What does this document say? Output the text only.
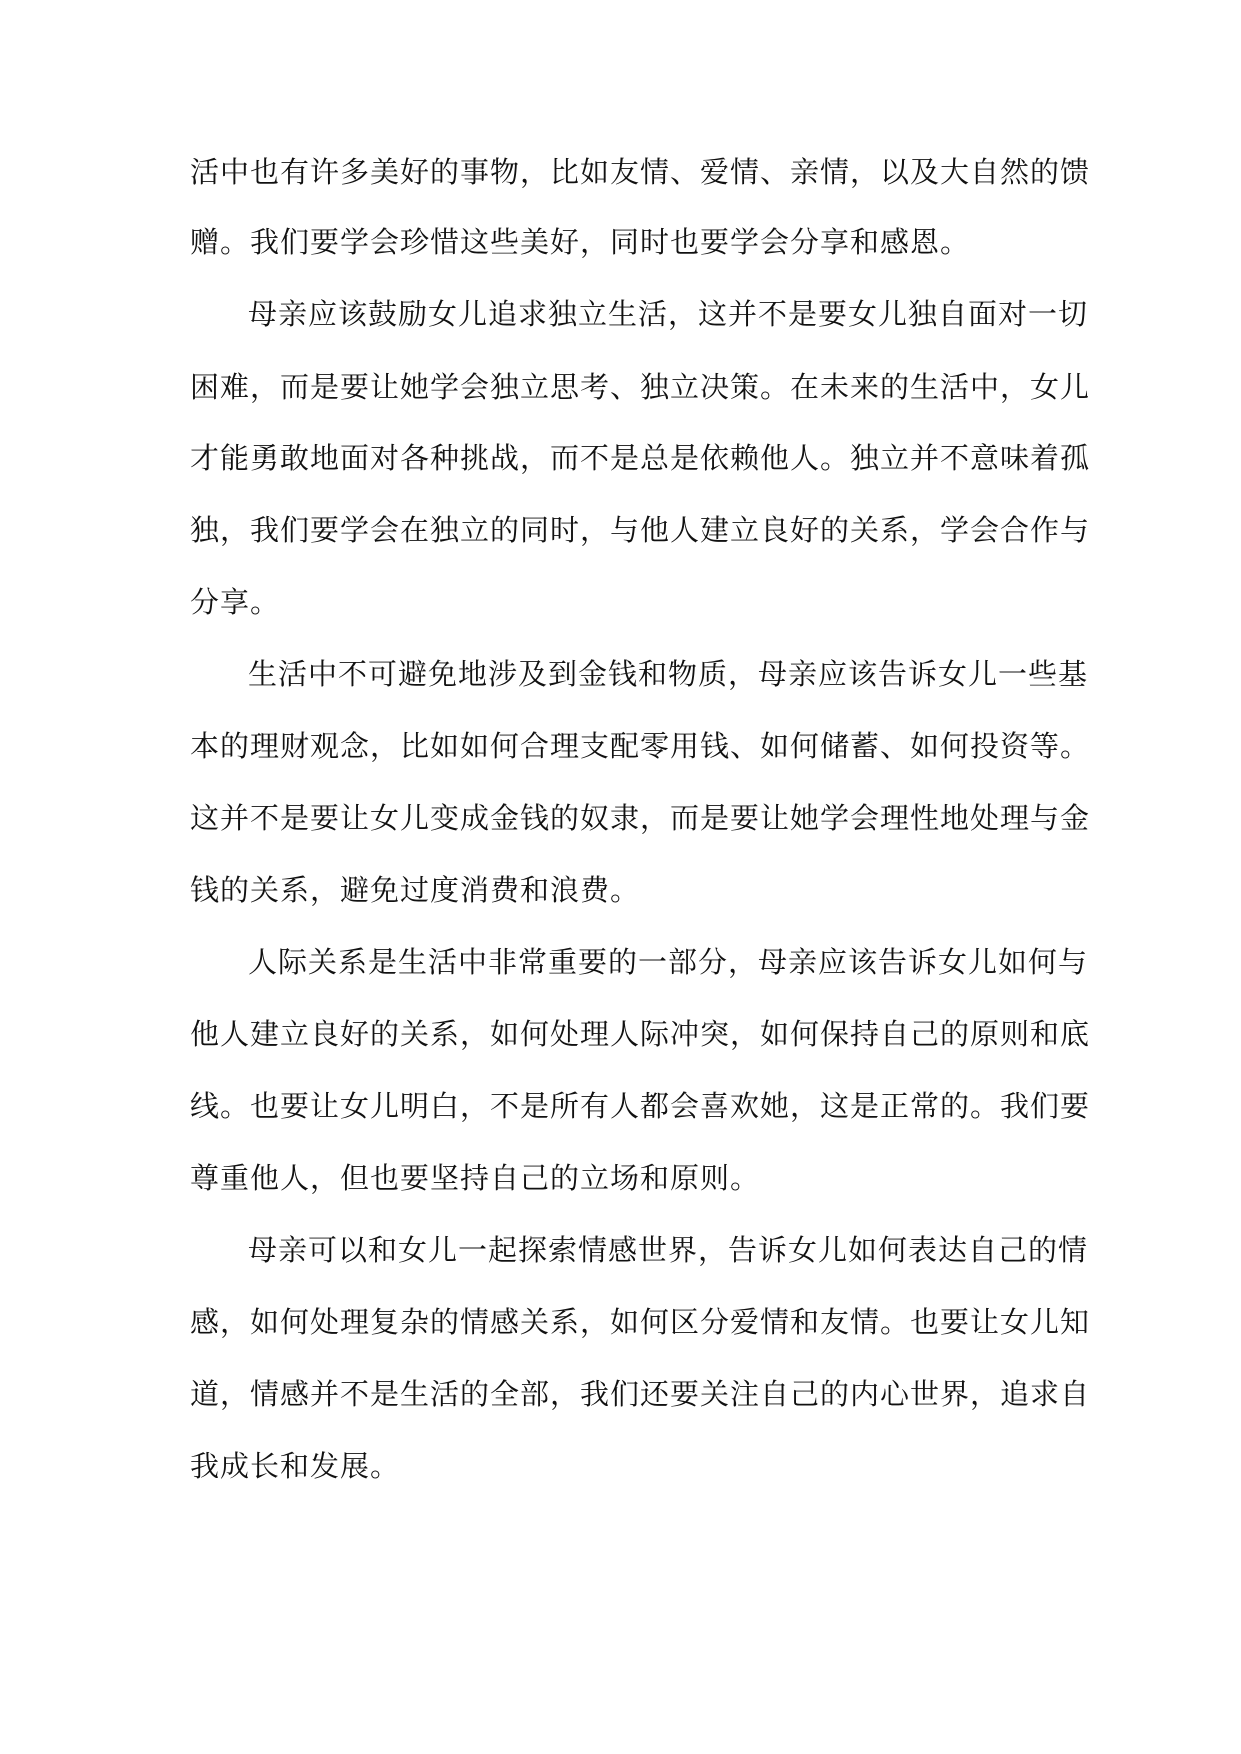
活中也有许多美好的事物，比如友情、爱情、亲情，以及大自然的馈
赠。我们要学会珍惜这些美好，同时也要学会分享和感恩。
母亲应该鼓励女儿追求独立生活，这并不是要女儿独自面对一切
困难，而是要让她学会独立思考、独立决策。在未来的生活中，女儿
才能勇敢地面对各种挑战，而不是总是依赖他人。独立并不意味着孤
独，我们要学会在独立的同时，与他人建立良好的关系，学会合作与
分享。
生活中不可避免地涉及到金钱和物质，母亲应该告诉女儿一些基
本的理财观念，比如如何合理支配零用钱、如何储蓄、如何投资等。
这并不是要让女儿变成金钱的奴隶，而是要让她学会理性地处理与金
钱的关系，避免过度消费和浪费。
人际关系是生活中非常重要的一部分，母亲应该告诉女儿如何与
他人建立良好的关系，如何处理人际冲突，如何保持自己的原则和底
线。也要让女儿明白，不是所有人都会喜欢她，这是正常的。我们要
尊重他人，但也要坚持自己的立场和原则。
母亲可以和女儿一起探索情感世界，告诉女儿如何表达自己的情
感，如何处理复杂的情感关系，如何区分爱情和友情。也要让女儿知
道，情感并不是生活的全部，我们还要关注自己的内心世界，追求自
我成长和发展。
